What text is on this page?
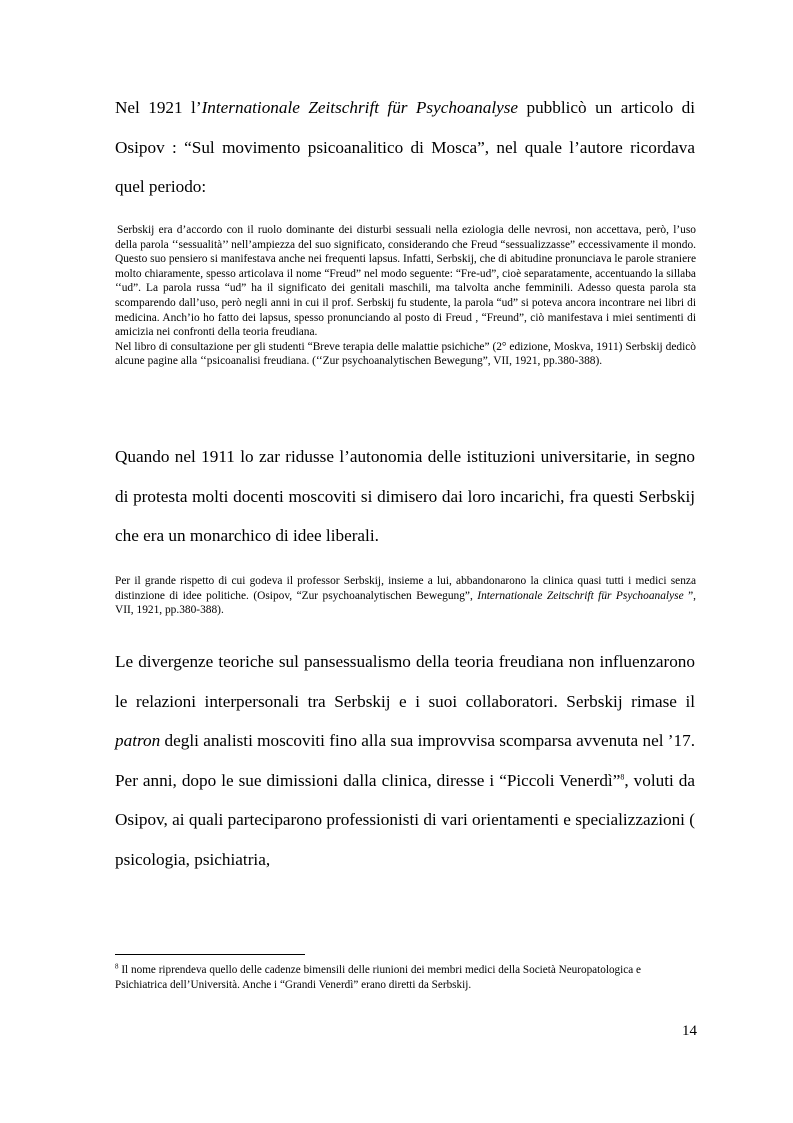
Nel 1921 l’Internationale Zeitschrift für Psychoanalyse pubblicò un articolo di Osipov : “Sul movimento psicoanalitico di Mosca”, nel quale l’autore ricordava quel periodo:

Serbskij era d’accordo con il ruolo dominante dei disturbi sessuali nella eziologia delle nevrosi, non accettava, però, l’uso della parola ‘‘sessualità’’ nell’ampiezza del suo significato, considerando che Freud “sessualizzasse” eccessivamente il mondo. Questo suo pensiero si manifestava anche nei frequenti lapsus. Infatti, Serbskij, che di abitudine pronunciava le parole straniere molto chiaramente, spesso articolava il nome “Freud” nel modo seguente: “Fre-ud”, cioè separatamente, accentuando la sillaba ‘‘ud”. La parola russa “ud” ha il significato dei genitali maschili, ma talvolta anche femminili. Adesso questa parola sta scomparendo dall’uso, però negli anni in cui il prof. Serbskij fu studente, la parola “ud” si poteva ancora incontrare nei libri di medicina. Anch’io ho fatto dei lapsus, spesso pronunciando al posto di Freud , “Freund”, ciò manifestava i miei sentimenti di amicizia nei confronti della teoria freudiana.
Nel libro di consultazione per gli studenti “Breve terapia delle malattie psichiche” (2° edizione, Moskva, 1911) Serbskij dedicò alcune pagine alla ‘‘psicoanalisi freudiana. (‘‘Zur psychoanalytischen Bewegung”, VII, 1921, pp.380-388).

Quando nel 1911 lo zar ridusse l’autonomia delle istituzioni universitarie, in segno di protesta molti docenti moscoviti si dimisero dai loro incarichi, fra questi Serbskij che era un monarchico di idee liberali.

Per il grande rispetto di cui godeva il professor Serbskij, insieme a lui, abbandonarono la clinica quasi tutti i medici senza distinzione di idee politiche. (Osipov, “Zur psychoanalytischen Bewegung”, Internationale Zeitschrift für Psychoanalyse ”, VII, 1921, pp.380-388).

Le divergenze teoriche sul pansessualismo della teoria freudiana non influenzarono le relazioni interpersonali tra Serbskij e i suoi collaboratori. Serbskij rimase il patron degli analisti moscoviti fino alla sua improvvisa scomparsa avvenuta nel ’17. Per anni, dopo le sue dimissioni dalla clinica, diresse i “Piccoli Venerdì”$^8$, voluti da Osipov, ai quali parteciparono professionisti di vari orientamenti e specializzazioni ( psicologia, psichiatria,

$^8$ Il nome riprendeva quello delle cadenze bimensili delle riunioni dei membri medici della Società Neuropatologica e Psichiatrica dell’Università. Anche i “Grandi Venerdì” erano diretti da Serbskij.

14
